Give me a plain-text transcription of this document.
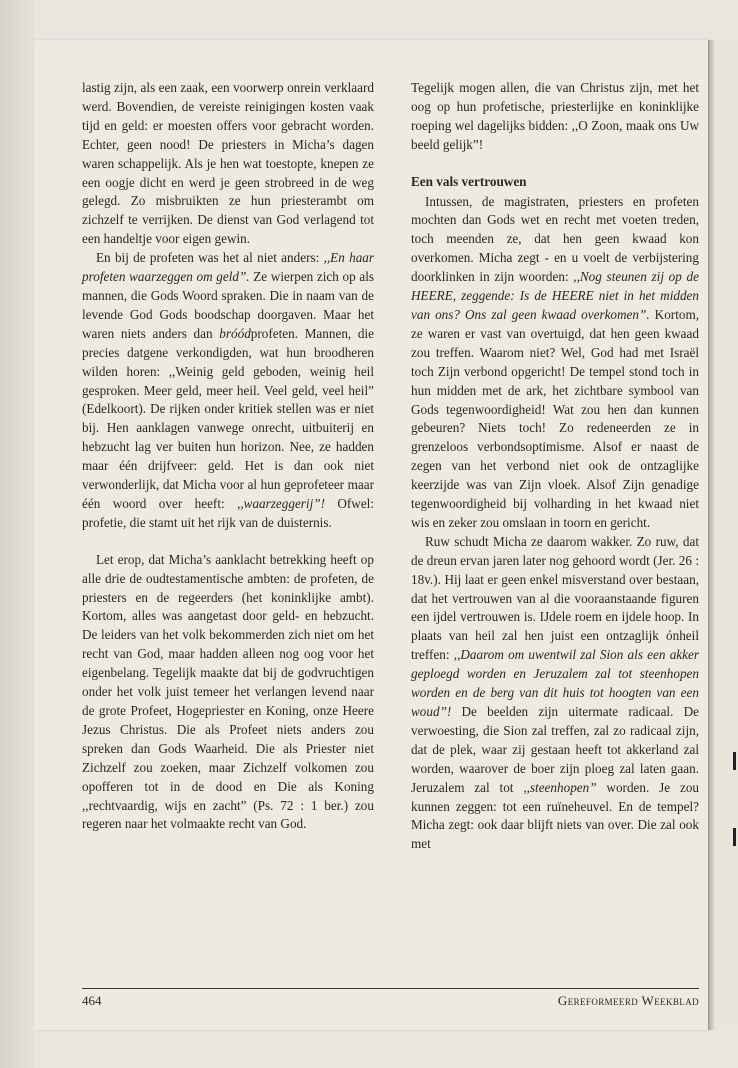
lastig zijn, als een zaak, een voorwerp onrein verklaard werd. Bovendien, de vereiste reinigingen kosten vaak tijd en geld: er moesten offers voor gebracht worden. Echter, geen nood! De priesters in Micha’s dagen waren schappelijk. Als je hen wat toestopte, knepen ze een oogje dicht en werd je geen strobreed in de weg gelegd. Zo misbruikten ze hun priesterambt om zichzelf te verrijken. De dienst van God verlagend tot een handeltje voor eigen gewin.

En bij de profeten was het al niet anders: ,,En haar profeten waarzeggen om geld”. Ze wierpen zich op als mannen, die Gods Woord spraken. Die in naam van de levende God Gods boodschap doorgaven. Maar het waren niets anders dan bróódprofeten. Mannen, die precies datgene verkondigden, wat hun broodheren wilden horen: ,,Weinig geld geboden, weinig heil gesproken. Meer geld, meer heil. Veel geld, veel heil” (Edelkoort). De rijken onder kritiek stellen was er niet bij. Hen aanklagen vanwege onrecht, uitbuiterij en hebzucht lag ver buiten hun horizon. Nee, ze hadden maar één drijfveer: geld. Het is dan ook niet verwonderlijk, dat Micha voor al hun geprofeteer maar één woord over heeft: ,,waarzeggerij”! Ofwel: profetie, die stamt uit het rijk van de duisternis.

Let erop, dat Micha’s aanklacht betrekking heeft op alle drie de oudtestamentische ambten: de profeten, de priesters en de regeerders (het koninklijke ambt). Kortom, alles was aangetast door geld- en hebzucht. De leiders van het volk bekommerden zich niet om het recht van God, maar hadden alleen nog oog voor het eigenbelang. Tegelijk maakte dat bij de godvruchtigen onder het volk juist temeer het verlangen levend naar de grote Profeet, Hogepriester en Koning, onze Heere Jezus Christus. Die als Profeet niets anders zou spreken dan Gods Waarheid. Die als Priester niet Zichzelf zou zoeken, maar Zichzelf volkomen zou opofferen tot in de dood en Die als Koning ,,rechtvaardig, wijs en zacht” (Ps. 72 : 1 ber.) zou regeren naar het volmaakte recht van God.

Tegelijk mogen allen, die van Christus zijn, met het oog op hun profetische, priesterlijke en koninklijke roeping wel dagelijks bidden: ,,O Zoon, maak ons Uw beeld gelijk”!

Een vals vertrouwen

Intussen, de magistraten, priesters en profeten mochten dan Gods wet en recht met voeten treden, toch meenden ze, dat hen geen kwaad kon overkomen. Micha zegt - en u voelt de verbijstering doorklinken in zijn woorden: ,,Nog steunen zij op de HEERE, zeggende: Is de HEERE niet in het midden van ons? Ons zal geen kwaad overkomen”. Kortom, ze waren er vast van overtuigd, dat hen geen kwaad zou treffen. Waarom niet? Wel, God had met Israël toch Zijn verbond opgericht! De tempel stond toch in hun midden met de ark, het zichtbare symbool van Gods tegenwoordigheid! Wat zou hen dan kunnen gebeuren? Niets toch! Zo redeneerden ze in grenzeloos verbondsoptimisme. Alsof er naast de zegen van het verbond niet ook de ontzaglijke keerzijde was van Zijn vloek. Alsof Zijn genadige tegenwoordigheid bij volharding in het kwaad niet wis en zeker zou omslaan in toorn en gericht.

Ruw schudt Micha ze daarom wakker. Zo ruw, dat de dreun ervan jaren later nog gehoord wordt (Jer. 26 : 18v.). Hij laat er geen enkel misverstand over bestaan, dat het vertrouwen van al die vooraanstaande figuren een ijdel vertrouwen is. IJdele roem en ijdele hoop. In plaats van heil zal hen juist een ontzaglijk ónheil treffen: ,,Daarom om uwentwil zal Sion als een akker geploegd worden en Jeruzalem zal tot steenhopen worden en de berg van dit huis tot hoogten van een woud”! De beelden zijn uitermate radicaal. De verwoesting, die Sion zal treffen, zal zo radicaal zijn, dat de plek, waar zij gestaan heeft tot akkerland zal worden, waarover de boer zijn ploeg zal laten gaan. Jeruzalem zal tot ,,steenhopen” worden. Je zou kunnen zeggen: tot een ruïneheuvel. En de tempel? Micha zegt: ook daar blijft niets van over. Die zal ook met

464	Gereformeerd Weekblad
